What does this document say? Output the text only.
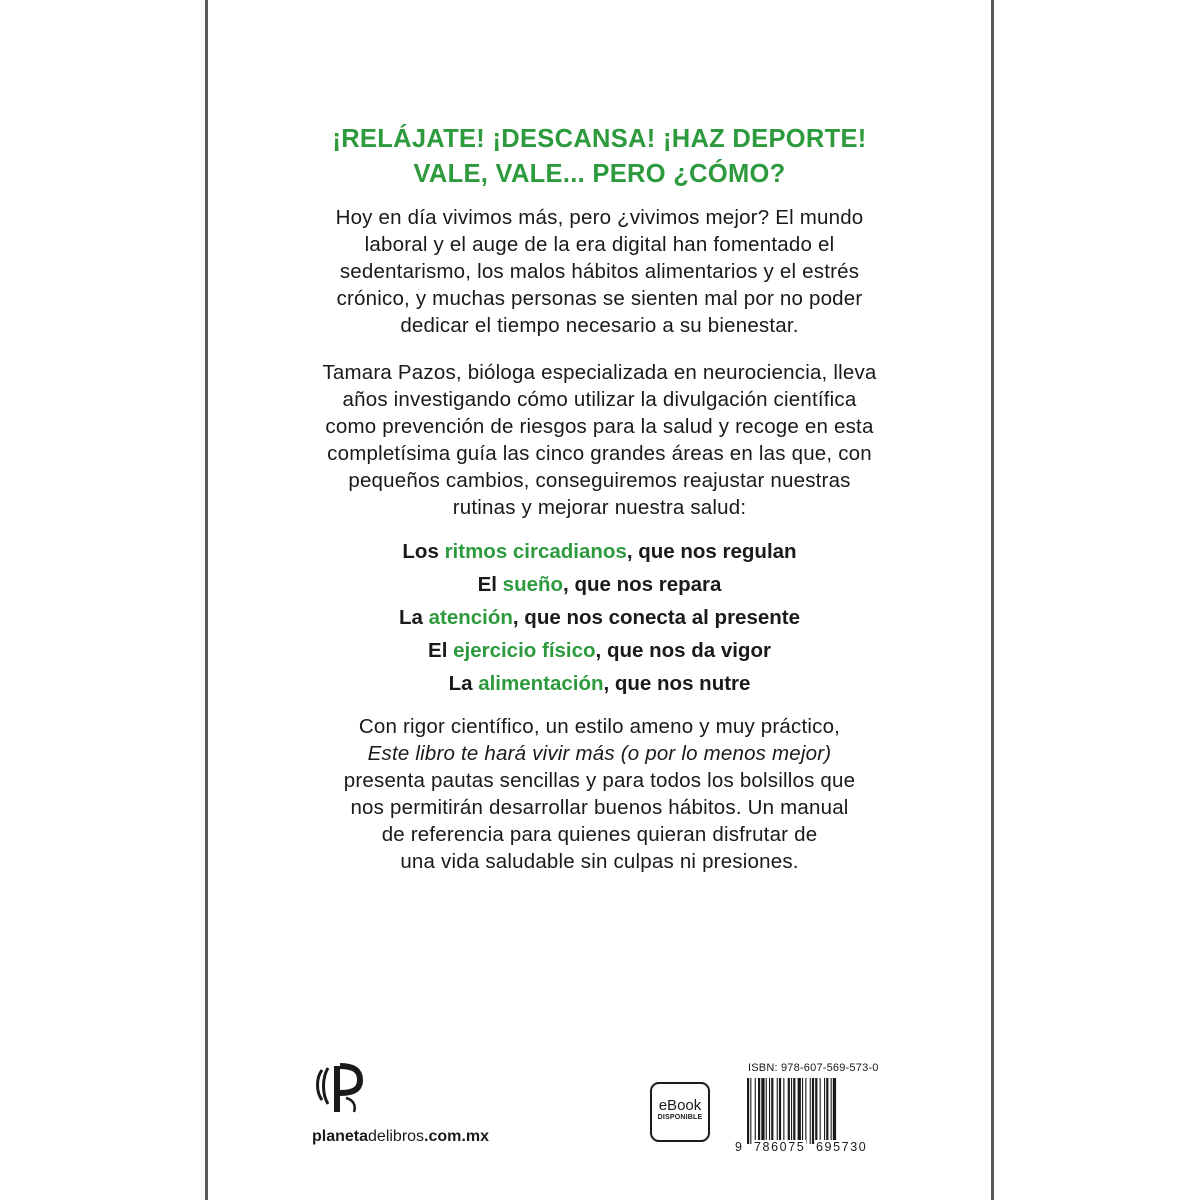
¡RELÁJATE! ¡DESCANSA! ¡HAZ DEPORTE!
VALE, VALE... PERO ¿CÓMO?
Hoy en día vivimos más, pero ¿vivimos mejor? El mundo
laboral y el auge de la era digital han fomentado el
sedentarismo, los malos hábitos alimentarios y el estrés
crónico, y muchas personas se sienten mal por no poder
dedicar el tiempo necesario a su bienestar.
Tamara Pazos, bióloga especializada en neurociencia, lleva
años investigando cómo utilizar la divulgación científica
como prevención de riesgos para la salud y recoge en esta
completísima guía las cinco grandes áreas en las que, con
pequeños cambios, conseguiremos reajustar nuestras
rutinas y mejorar nuestra salud:
Los ritmos circadianos, que nos regulan
El sueño, que nos repara
La atención, que nos conecta al presente
El ejercicio físico, que nos da vigor
La alimentación, que nos nutre
Con rigor científico, un estilo ameno y muy práctico,
Este libro te hará vivir más (o por lo menos mejor)
presenta pautas sencillas y para todos los bolsillos que
nos permitirán desarrollar buenos hábitos. Un manual
de referencia para quienes quieran disfrutar de
una vida saludable sin culpas ni presiones.
planetadelibros.com.mx
eBook
DISPONIBLE
ISBN: 978-607-569-573-0
9 786075 695730
